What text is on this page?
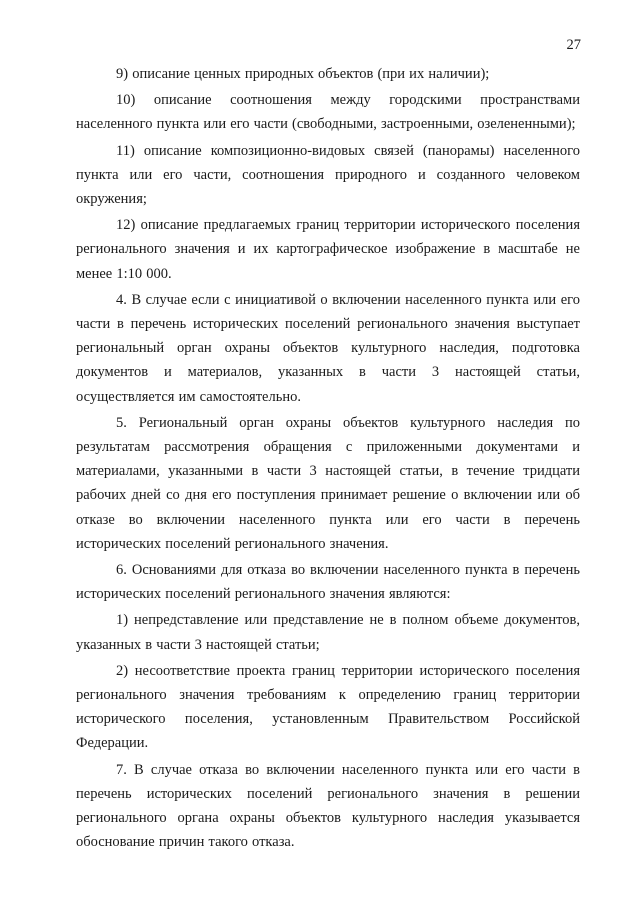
27

9) описание ценных природных объектов (при их наличии);

10) описание соотношения между городскими пространствами населенного пункта или его части (свободными, застроенными, озелененными);

11) описание композиционно-видовых связей (панорамы) населенного пункта или его части, соотношения природного и созданного человеком окружения;

12) описание предлагаемых границ территории исторического поселения регионального значения и их картографическое изображение в масштабе не менее 1:10 000.

4. В случае если с инициативой о включении населенного пункта или его части в перечень исторических поселений регионального значения выступает региональный орган охраны объектов культурного наследия, подготовка документов и материалов, указанных в части 3 настоящей статьи, осуществляется им самостоятельно.

5. Региональный орган охраны объектов культурного наследия по результатам рассмотрения обращения с приложенными документами и материалами, указанными в части 3 настоящей статьи, в течение тридцати рабочих дней со дня его поступления принимает решение о включении или об отказе во включении населенного пункта или его части в перечень исторических поселений регионального значения.

6. Основаниями для отказа во включении населенного пункта в перечень исторических поселений регионального значения являются:

1) непредставление или представление не в полном объеме документов, указанных в части 3 настоящей статьи;

2) несоответствие проекта границ территории исторического поселения регионального значения требованиям к определению границ территории исторического поселения, установленным Правительством Российской Федерации.

7. В случае отказа во включении населенного пункта или его части в перечень исторических поселений регионального значения в решении регионального органа охраны объектов культурного наследия указывается обоснование причин такого отказа.
